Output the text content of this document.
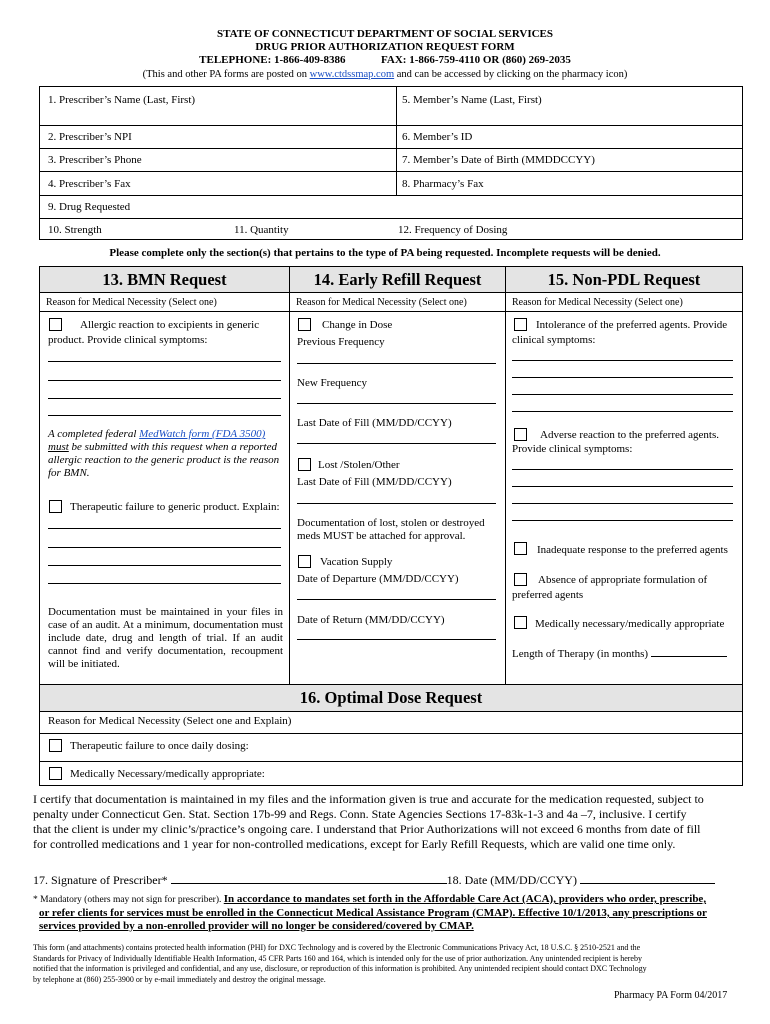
STATE OF CONNECTICUT DEPARTMENT OF SOCIAL SERVICES
DRUG PRIOR AUTHORIZATION REQUEST FORM
TELEPHONE: 1-866-409-8386	FAX: 1-866-759-4110 OR (860) 269-2035
(This and other PA forms are posted on www.ctdssmap.com and can be accessed by clicking on the pharmacy icon)
1. Prescriber’s Name (Last, First)	5. Member’s Name (Last, First)
2. Prescriber’s NPI	6. Member’s ID
3. Prescriber’s Phone	7. Member’s Date of Birth (MMDDCCYY)
4. Prescriber’s Fax	8. Pharmacy’s Fax
9. Drug Requested
10. Strength	11. Quantity	12. Frequency of Dosing
Please complete only the section(s) that pertains to the type of PA being requested. Incomplete requests will be denied.
13. BMN Request	14. Early Refill Request	15. Non-PDL Request
Reason for Medical Necessity (Select one)	Reason for Medical Necessity (Select one)	Reason for Medical Necessity (Select one)
Allergic reaction to excipients in generic
product. Provide clinical symptoms:
A completed federal MedWatch form (FDA 3500) must be submitted with this request when a reported allergic reaction to the generic product is the reason for BMN.
Therapeutic failure to generic product. Explain:
Documentation must be maintained in your files in case of an audit. At a minimum, documentation must include date, drug and length of trial. If an audit cannot find and verify documentation, recoupment will be initiated.
Change in Dose
Previous Frequency
New Frequency
Last Date of Fill (MM/DD/CCYY)
Lost /Stolen/Other
Last Date of Fill (MM/DD/CCYY)
Documentation of lost, stolen or destroyed meds MUST be attached for approval.
Vacation Supply
Date of Departure (MM/DD/CCYY)
Date of Return (MM/DD/CCYY)
Intolerance of the preferred agents. Provide
clinical symptoms:
Adverse reaction to the preferred agents.
Provide clinical symptoms:
Inadequate response to the preferred agents
Absence of appropriate formulation of
preferred agents
Medically necessary/medically appropriate
Length of Therapy (in months)
16. Optimal Dose Request
Reason for Medical Necessity (Select one and Explain)
Therapeutic failure to once daily dosing:
Medically Necessary/medically appropriate:
I certify that documentation is maintained in my files and the information given is true and accurate for the medication requested, subject to
penalty under Connecticut Gen. Stat. Section 17b-99 and Regs. Conn. State Agencies Sections 17-83k-1-3 and 4a –7, inclusive. I certify
that the client is under my clinic’s/practice’s ongoing care. I understand that Prior Authorizations will not exceed 6 months from date of fill
for controlled medications and 1 year for non-controlled medications, except for Early Refill Requests, which are valid one time only.
17. Signature of Prescriber*	18. Date (MM/DD/CCYY)
* Mandatory (others may not sign for prescriber). In accordance to mandates set forth in the Affordable Care Act (ACA), providers who order, prescribe,
or refer clients for services must be enrolled in the Connecticut Medical Assistance Program (CMAP). Effective 10/1/2013, any prescriptions or
services provided by a non-enrolled provider will no longer be considered/covered by CMAP.
This form (and attachments) contains protected health information (PHI) for DXC Technology and is covered by the Electronic Communications Privacy Act, 18 U.S.C. § 2510-2521 and the
Standards for Privacy of Individually Identifiable Health Information, 45 CFR Parts 160 and 164, which is intended only for the use of prior authorization. Any unintended recipient is hereby
notified that the information is privileged and confidential, and any use, disclosure, or reproduction of this information is prohibited. Any unintended recipient should contact DXC Technology
by telephone at (860) 255-3900 or by e-mail immediately and destroy the original message.
Pharmacy PA Form 04/2017
